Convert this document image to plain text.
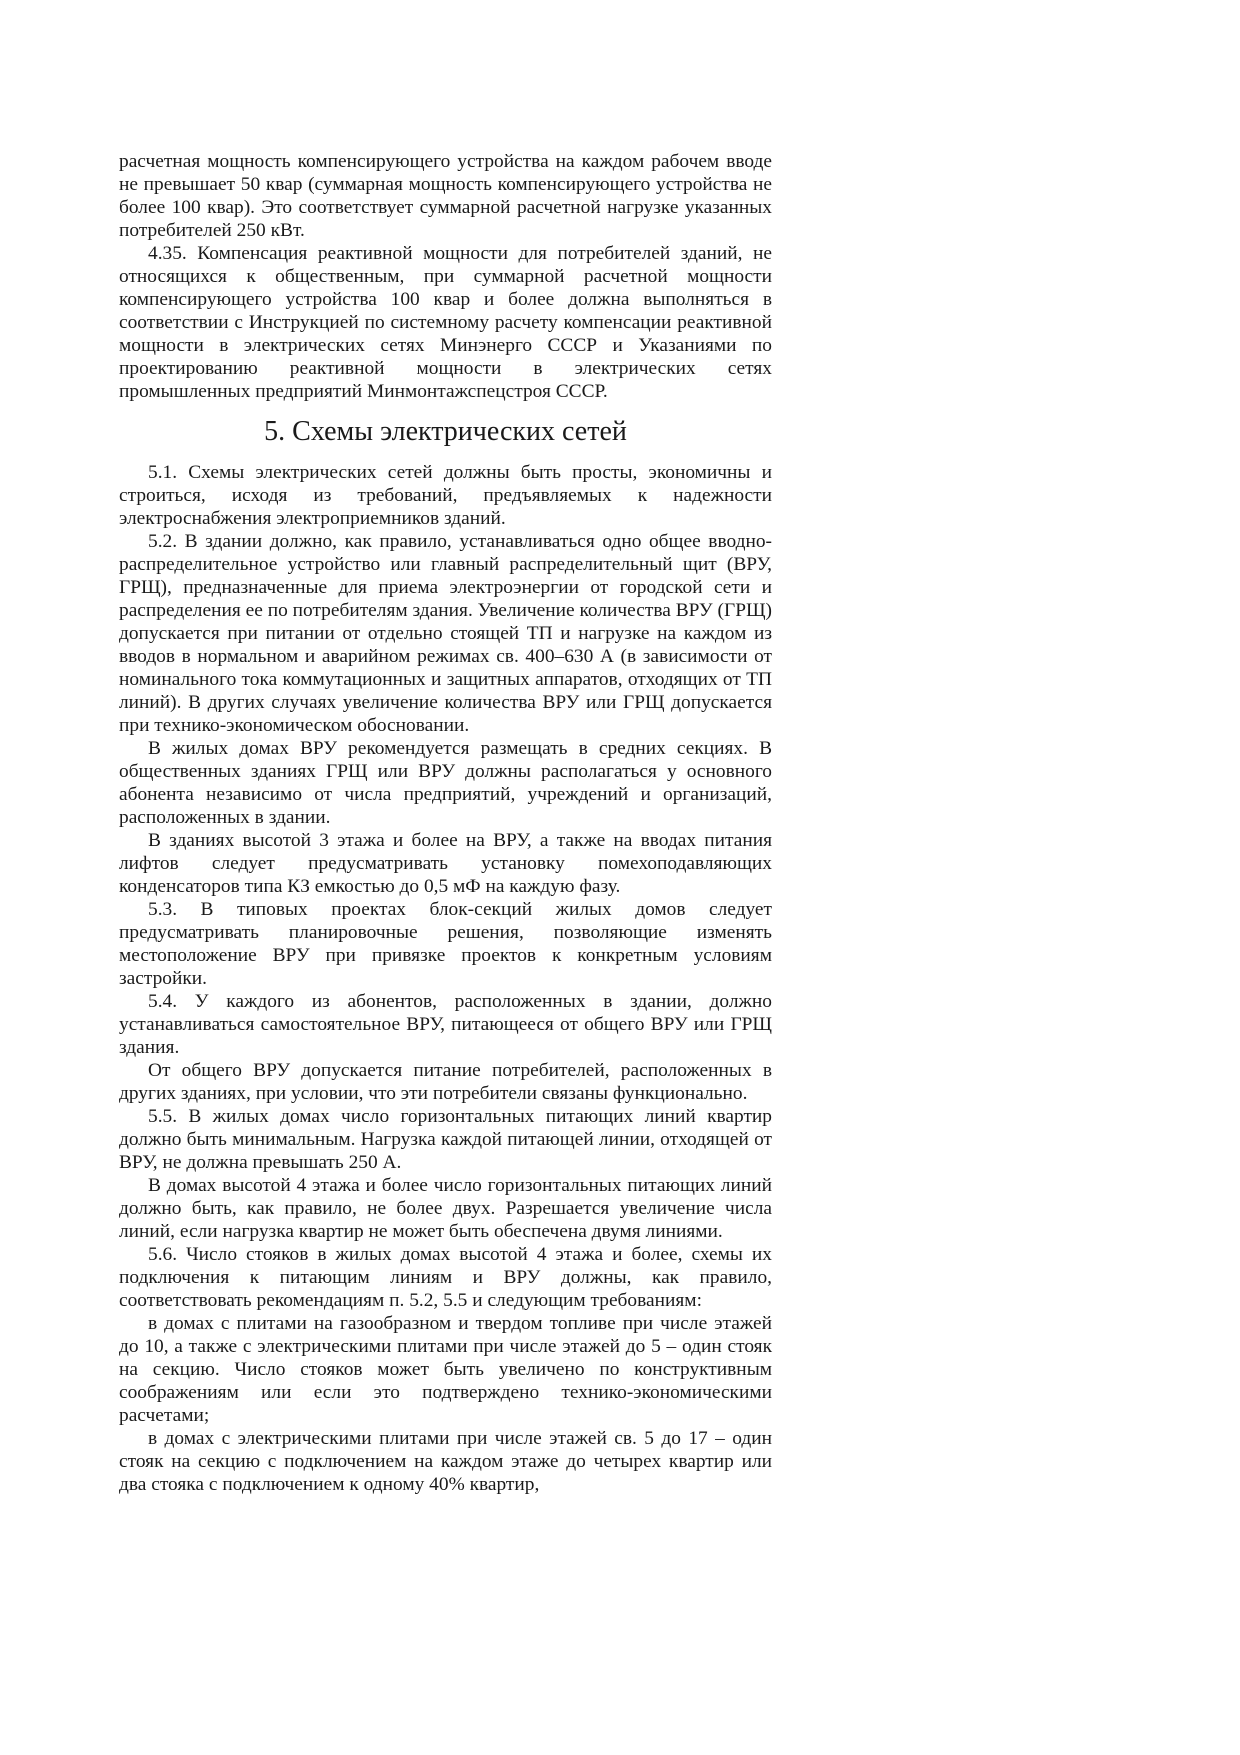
расчетная мощность компенсирующего устройства на каждом рабочем вводе не превышает 50 квар (суммарная мощность компенсирующего устройства не более 100 квар). Это соответствует суммарной расчетной нагрузке указанных потребителей 250 кВт.

4.35. Компенсация реактивной мощности для потребителей зданий, не относящихся к общественным, при суммарной расчетной мощности компенсирующего устройства 100 квар и более должна выполняться в соответствии с Инструкцией по системному расчету компенсации реактивной мощности в электрических сетях Минэнерго СССР и Указаниями по проектированию реактивной мощности в электрических сетях промышленных предприятий Минмонтажспецстроя СССР.

5. Схемы электрических сетей

5.1. Схемы электрических сетей должны быть просты, экономичны и строиться, исходя из требований, предъявляемых к надежности электроснабжения электроприемников зданий.

5.2. В здании должно, как правило, устанавливаться одно общее вводно-распределительное устройство или главный распределительный щит (ВРУ, ГРЩ), предназначенные для приема электроэнергии от городской сети и распределения ее по потребителям здания. Увеличение количества ВРУ (ГРЩ) допускается при питании от отдельно стоящей ТП и нагрузке на каждом из вводов в нормальном и аварийном режимах св. 400–630 А (в зависимости от номинального тока коммутационных и защитных аппаратов, отходящих от ТП линий). В других случаях увеличение количества ВРУ или ГРЩ допускается при технико-экономическом обосновании.

В жилых домах ВРУ рекомендуется размещать в средних секциях. В общественных зданиях ГРЩ или ВРУ должны располагаться у основного абонента независимо от числа предприятий, учреждений и организаций, расположенных в здании.

В зданиях высотой 3 этажа и более на ВРУ, а также на вводах питания лифтов следует предусматривать установку помехоподавляющих конденсаторов типа КЗ емкостью до 0,5 мФ на каждую фазу.

5.3. В типовых проектах блок-секций жилых домов следует предусматривать планировочные решения, позволяющие изменять местоположение ВРУ при привязке проектов к конкретным условиям застройки.

5.4. У каждого из абонентов, расположенных в здании, должно устанавливаться самостоятельное ВРУ, питающееся от общего ВРУ или ГРЩ здания.

От общего ВРУ допускается питание потребителей, расположенных в других зданиях, при условии, что эти потребители связаны функционально.

5.5. В жилых домах число горизонтальных питающих линий квартир должно быть минимальным. Нагрузка каждой питающей линии, отходящей от ВРУ, не должна превышать 250 А.

В домах высотой 4 этажа и более число горизонтальных питающих линий должно быть, как правило, не более двух. Разрешается увеличение числа линий, если нагрузка квартир не может быть обеспечена двумя линиями.

5.6. Число стояков в жилых домах высотой 4 этажа и более, схемы их подключения к питающим линиям и ВРУ должны, как правило, соответствовать рекомендациям п. 5.2, 5.5 и следующим требованиям:

в домах с плитами на газообразном и твердом топливе при числе этажей до 10, а также с электрическими плитами при числе этажей до 5 – один стояк на секцию. Число стояков может быть увеличено по конструктивным соображениям или если это подтверждено технико-экономическими расчетами;

в домах с электрическими плитами при числе этажей св. 5 до 17 – один стояк на секцию с подключением на каждом этаже до четырех квартир или два стояка с подключением к одному 40% квартир,
